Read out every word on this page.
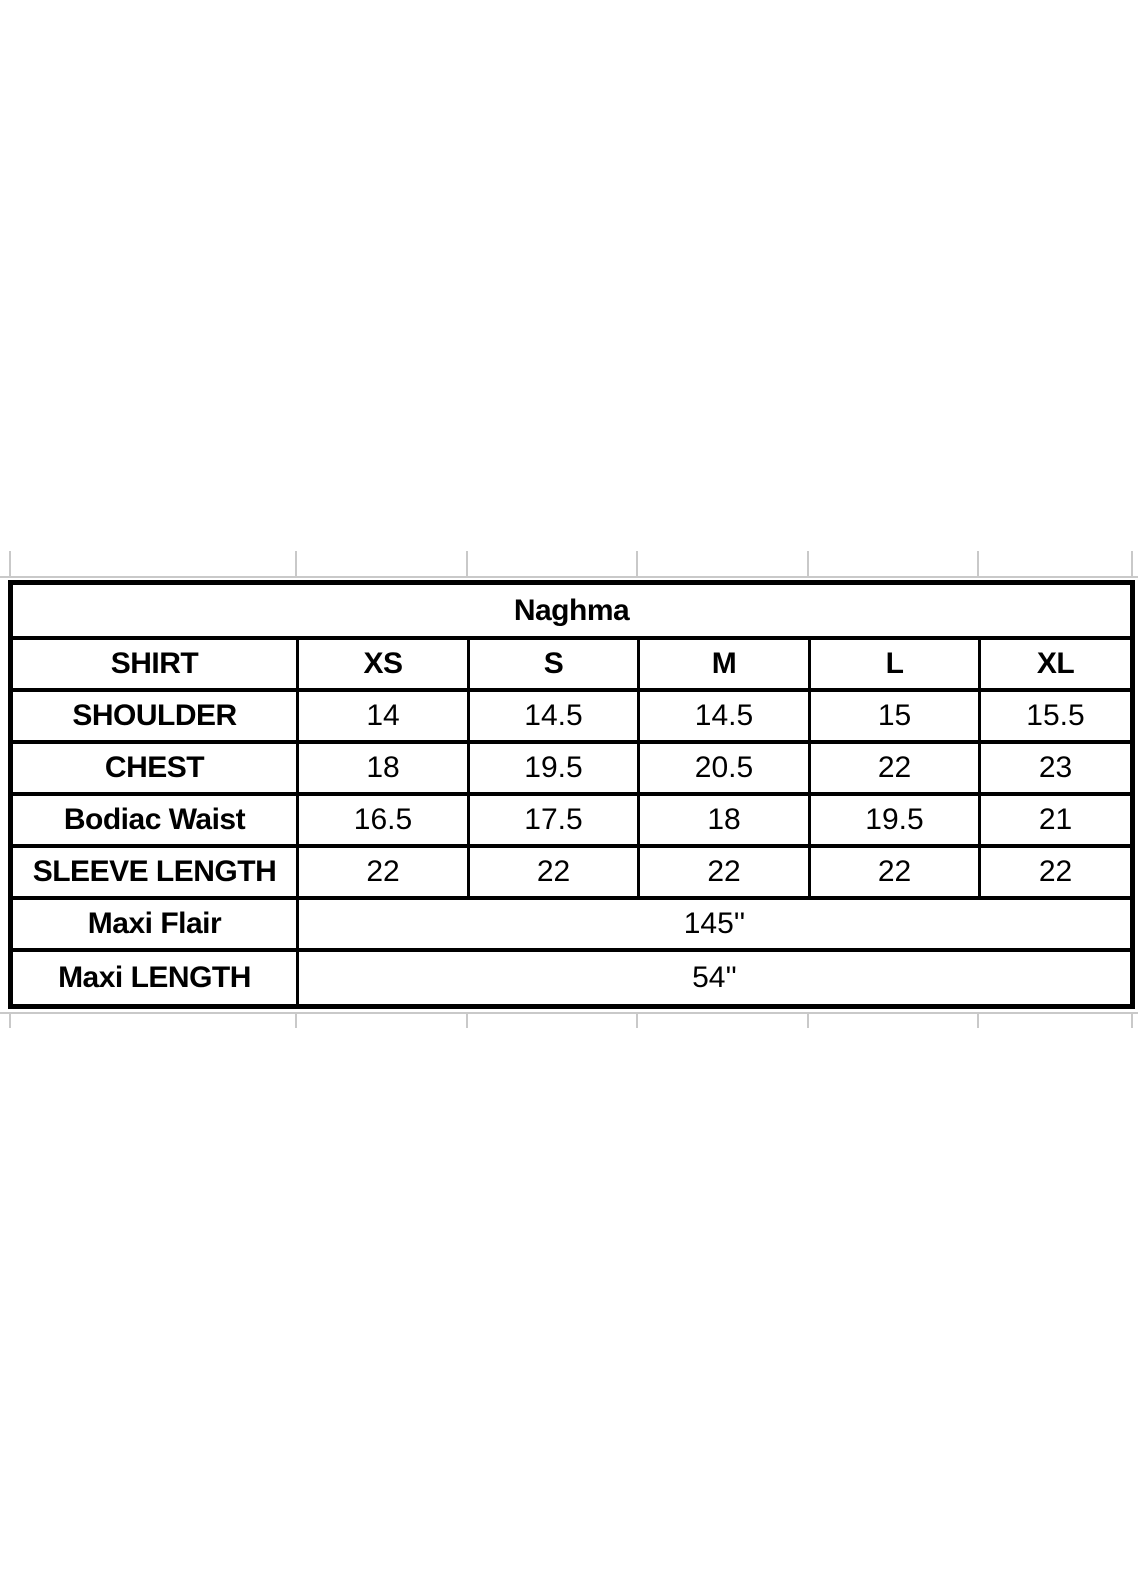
Naghma
SHIRT	XS	S	M	L	XL
SHOULDER	14	14.5	14.5	15	15.5
CHEST	18	19.5	20.5	22	23
Bodiac Waist	16.5	17.5	18	19.5	21
SLEEVE LENGTH	22	22	22	22	22
Maxi Flair	145''
Maxi LENGTH	54''
